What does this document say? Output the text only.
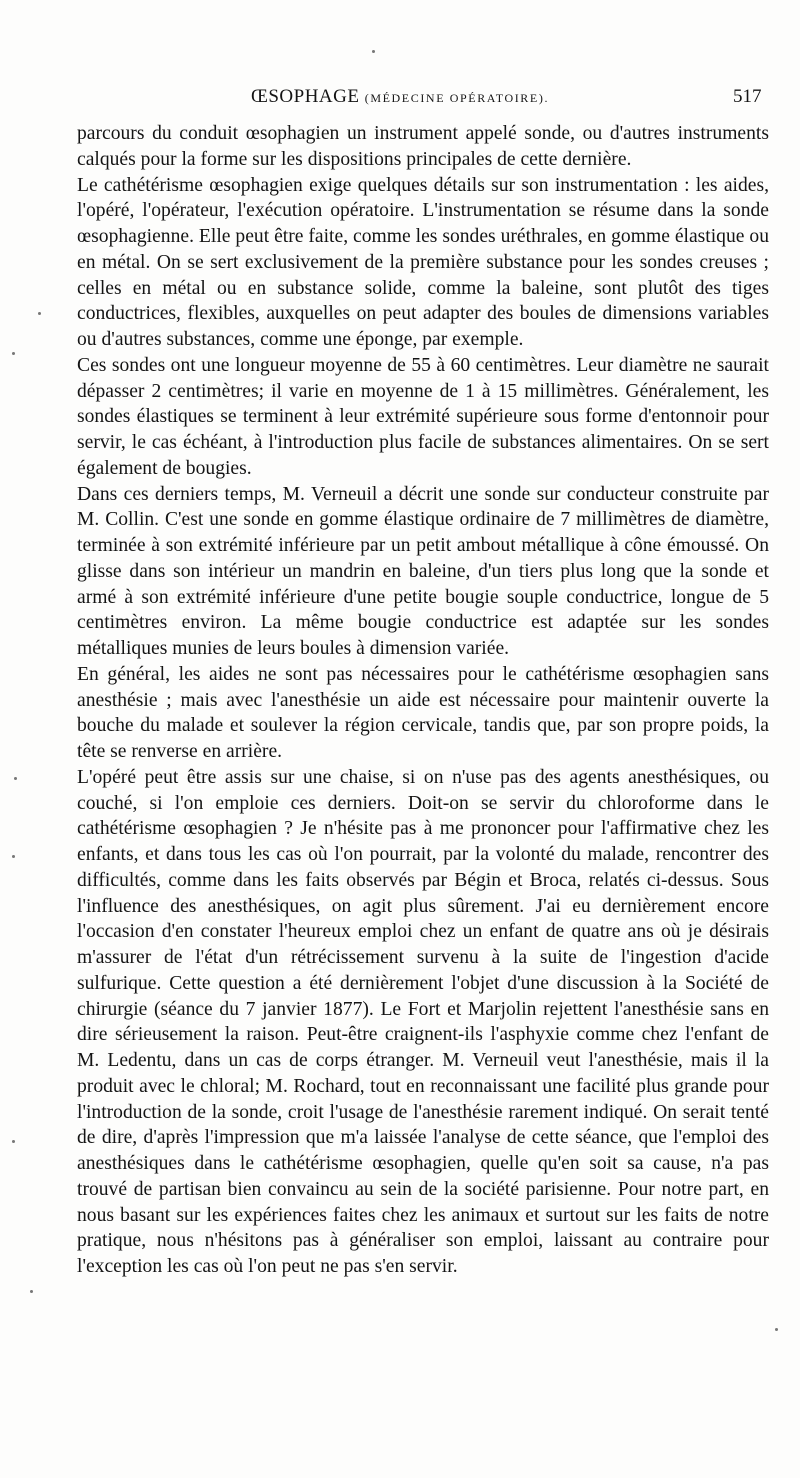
ŒSOPHAGE (MÉDECINE OPÉRATOIRE).	517

parcours du conduit œsophagien un instrument appelé sonde, ou d'autres instruments calqués pour la forme sur les dispositions principales de cette dernière.

Le cathétérisme œsophagien exige quelques détails sur son instrumentation : les aides, l'opéré, l'opérateur, l'exécution opératoire. L'instrumentation se résume dans la sonde œsophagienne. Elle peut être faite, comme les sondes uréthrales, en gomme élastique ou en métal. On se sert exclusivement de la première substance pour les sondes creuses ; celles en métal ou en substance solide, comme la baleine, sont plutôt des tiges conductrices, flexibles, auxquelles on peut adapter des boules de dimensions variables ou d'autres substances, comme une éponge, par exemple.

Ces sondes ont une longueur moyenne de 55 à 60 centimètres. Leur diamètre ne saurait dépasser 2 centimètres; il varie en moyenne de 1 à 15 millimètres. Généralement, les sondes élastiques se terminent à leur extrémité supérieure sous forme d'entonnoir pour servir, le cas échéant, à l'introduction plus facile de substances alimentaires. On se sert également de bougies.

Dans ces derniers temps, M. Verneuil a décrit une sonde sur conducteur construite par M. Collin. C'est une sonde en gomme élastique ordinaire de 7 millimètres de diamètre, terminée à son extrémité inférieure par un petit ambout métallique à cône émoussé. On glisse dans son intérieur un mandrin en baleine, d'un tiers plus long que la sonde et armé à son extrémité inférieure d'une petite bougie souple conductrice, longue de 5 centimètres environ. La même bougie conductrice est adaptée sur les sondes métalliques munies de leurs boules à dimension variée.

En général, les aides ne sont pas nécessaires pour le cathétérisme œsophagien sans anesthésie ; mais avec l'anesthésie un aide est nécessaire pour maintenir ouverte la bouche du malade et soulever la région cervicale, tandis que, par son propre poids, la tête se renverse en arrière.

L'opéré peut être assis sur une chaise, si on n'use pas des agents anesthésiques, ou couché, si l'on emploie ces derniers. Doit-on se servir du chloroforme dans le cathétérisme œsophagien ? Je n'hésite pas à me prononcer pour l'affirmative chez les enfants, et dans tous les cas où l'on pourrait, par la volonté du malade, rencontrer des difficultés, comme dans les faits observés par Bégin et Broca, relatés ci-dessus. Sous l'influence des anesthésiques, on agit plus sûrement. J'ai eu dernièrement encore l'occasion d'en constater l'heureux emploi chez un enfant de quatre ans où je désirais m'assurer de l'état d'un rétrécissement survenu à la suite de l'ingestion d'acide sulfurique. Cette question a été dernièrement l'objet d'une discussion à la Société de chirurgie (séance du 7 janvier 1877). Le Fort et Marjolin rejettent l'anesthésie sans en dire sérieusement la raison. Peut-être craignent-ils l'asphyxie comme chez l'enfant de M. Ledentu, dans un cas de corps étranger. M. Verneuil veut l'anesthésie, mais il la produit avec le chloral; M. Rochard, tout en reconnaissant une facilité plus grande pour l'introduction de la sonde, croit l'usage de l'anesthésie rarement indiqué. On serait tenté de dire, d'après l'impression que m'a laissée l'analyse de cette séance, que l'emploi des anesthésiques dans le cathétérisme œsophagien, quelle qu'en soit sa cause, n'a pas trouvé de partisan bien convaincu au sein de la société parisienne. Pour notre part, en nous basant sur les expériences faites chez les animaux et surtout sur les faits de notre pratique, nous n'hésitons pas à généraliser son emploi, laissant au contraire pour l'exception les cas où l'on peut ne pas s'en servir.
